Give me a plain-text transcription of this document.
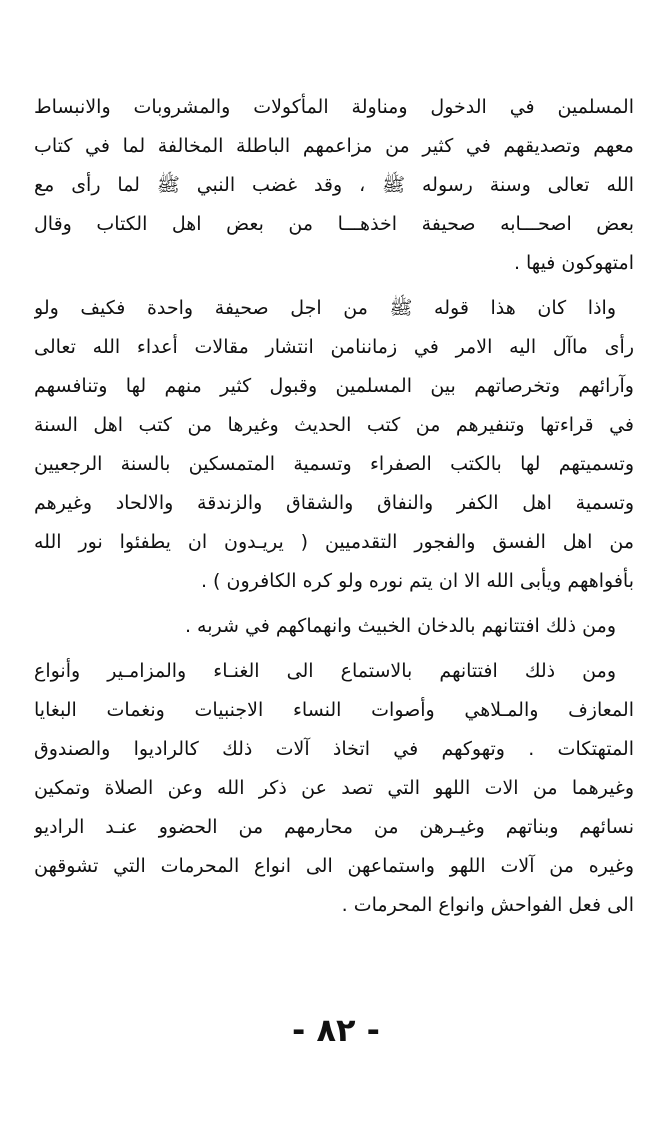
المسلمين في الدخول ومناولة المأكولات والمشروبات والانبساط
معهم وتصديقهم في كثير من مزاعمهم الباطلة المخالفة لما في كتاب
الله تعالى وسنة رسوله ﷺ ، وقد غضب النبي ﷺ لما رأى مع
بعض اصحـــابه صحيفة اخذهـــا من بعض اهل الكتاب وقال
امتهوكون فيها .
واذا كان هذا قوله ﷺ من اجل صحيفة واحدة فكيف ولو
رأى ماآل اليه الامر في زماننامن انتشار مقالات أعداء الله تعالى
وآرائهم وتخرصاتهم بين المسلمين وقبول كثير منهم لها وتنافسهم
في قراءتها وتنفيرهم من كتب الحديث وغيرها من كتب اهل السنة
وتسميتهم لها بالكتب الصفراء وتسمية المتمسكين بالسنة الرجعيين
وتسمية اهل الكفر والنفاق والشقاق والزندقة والالحاد وغيرهم
من اهل الفسق والفجور التقدميين ( يريـدون ان يطفئوا نور الله
بأفواههم ويأبى الله الا ان يتم نوره ولو كره الكافرون ) .
ومن ذلك افتتانهم بالدخان الخبيث وانهماكهم في شربه .
ومن ذلك افتتانهم بالاستماع الى الغنـاء والمزامـير وأنواع
المعازف والمـلاهي وأصوات النساء الاجنبيات ونغمات البغايا
المتهتكات . وتهوكهم في اتخاذ آلات ذلك كالراديوا والصندوق
وغيرهما من الات اللهو التي تصد عن ذكر الله وعن الصلاة وتمكين
نسائهم وبناتهم وغيـرهن من محارمهم من الحضوو عنـد الراديو
وغيره من آلات اللهو واستماعهن الى انواع المحرمات التي تشوقهن
الى فعل الفواحش وانواع المحرمات .
- ٨٢ -
